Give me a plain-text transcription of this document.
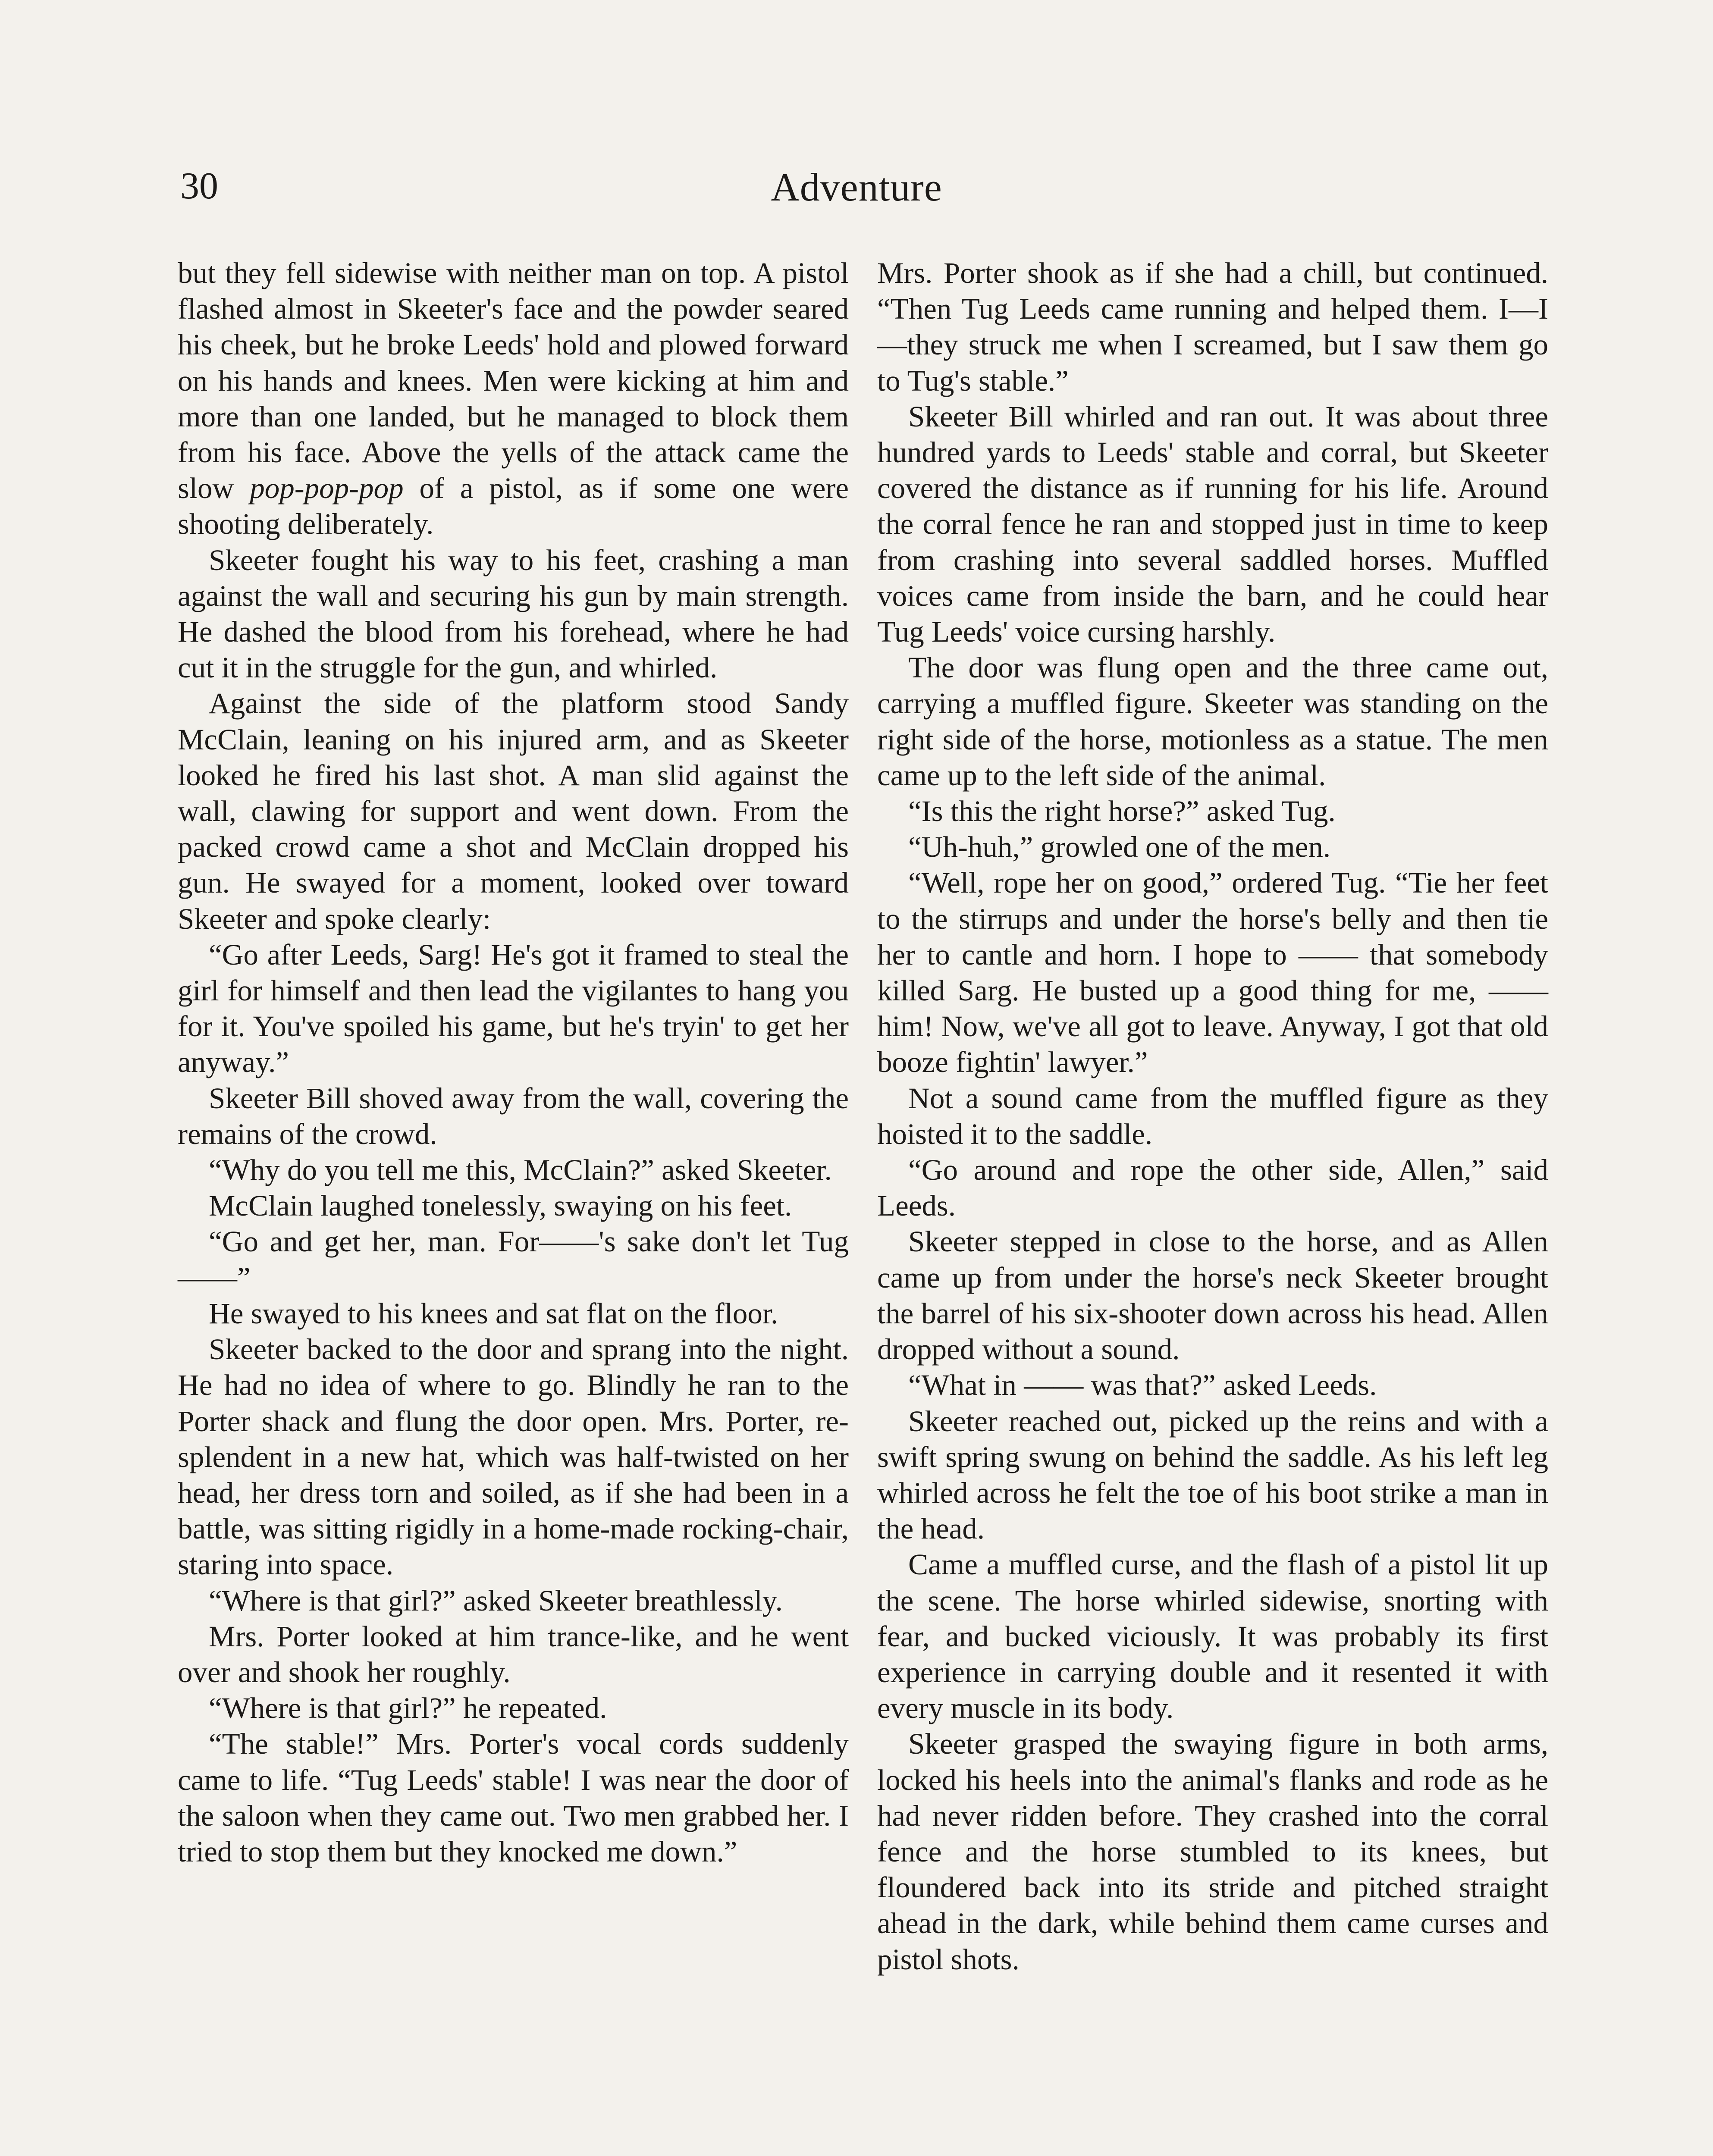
30	Adventure

but they fell sidewise with neither man on top. A pistol flashed almost in Skeeter's face and the powder seared his cheek, but he broke Leeds' hold and plowed forward on his hands and knees. Men were kicking at him and more than one landed, but he managed to block them from his face. Above the yells of the attack came the slow pop-pop-pop of a pistol, as if some one were shooting deliberately.

Skeeter fought his way to his feet, crashing a man against the wall and securing his gun by main strength. He dashed the blood from his forehead, where he had cut it in the struggle for the gun, and whirled.

Against the side of the platform stood Sandy McClain, leaning on his injured arm, and as Skeeter looked he fired his last shot. A man slid against the wall, clawing for support and went down. From the packed crowd came a shot and McClain dropped his gun. He swayed for a moment, looked over toward Skeeter and spoke clearly:

“Go after Leeds, Sarg! He's got it framed to steal the girl for himself and then lead the vigilantes to hang you for it. You've spoiled his game, but he's tryin' to get her anyway.”

Skeeter Bill shoved away from the wall, covering the remains of the crowd.

“Why do you tell me this, McClain?” asked Skeeter.

McClain laughed tonelessly, swaying on his feet.

“Go and get her, man. For——'s sake don't let Tug——”

He swayed to his knees and sat flat on the floor.

Skeeter backed to the door and sprang into the night. He had no idea of where to go. Blindly he ran to the Porter shack and flung the door open. Mrs. Porter, resplendent in a new hat, which was half-twisted on her head, her dress torn and soiled, as if she had been in a battle, was sitting rigidly in a home-made rocking-chair, staring into space.

“Where is that girl?” asked Skeeter breathlessly.

Mrs. Porter looked at him trance-like, and he went over and shook her roughly.

“Where is that girl?” he repeated.

“The stable!” Mrs. Porter's vocal cords suddenly came to life. “Tug Leeds' stable! I was near the door of the saloon when they came out. Two men grabbed her. I tried to stop them but they knocked me down.”

Mrs. Porter shook as if she had a chill, but continued. “Then Tug Leeds came running and helped them. I—I—they struck me when I screamed, but I saw them go to Tug's stable.”

Skeeter Bill whirled and ran out. It was about three hundred yards to Leeds' stable and corral, but Skeeter covered the distance as if running for his life. Around the corral fence he ran and stopped just in time to keep from crashing into several saddled horses. Muffled voices came from inside the barn, and he could hear Tug Leeds' voice cursing harshly.

The door was flung open and the three came out, carrying a muffled figure. Skeeter was standing on the right side of the horse, motionless as a statue. The men came up to the left side of the animal.

“Is this the right horse?” asked Tug.

“Uh-huh,” growled one of the men.

“Well, rope her on good,” ordered Tug. “Tie her feet to the stirrups and under the horse's belly and then tie her to cantle and horn. I hope to —— that somebody killed Sarg. He busted up a good thing for me, —— him! Now, we've all got to leave. Anyway, I got that old booze fightin' lawyer.”

Not a sound came from the muffled figure as they hoisted it to the saddle.

“Go around and rope the other side, Allen,” said Leeds.

Skeeter stepped in close to the horse, and as Allen came up from under the horse's neck Skeeter brought the barrel of his six-shooter down across his head. Allen dropped without a sound.

“What in —— was that?” asked Leeds.

Skeeter reached out, picked up the reins and with a swift spring swung on behind the saddle. As his left leg whirled across he felt the toe of his boot strike a man in the head.

Came a muffled curse, and the flash of a pistol lit up the scene. The horse whirled sidewise, snorting with fear, and bucked viciously. It was probably its first experience in carrying double and it resented it with every muscle in its body.

Skeeter grasped the swaying figure in both arms, locked his heels into the animal's flanks and rode as he had never ridden before. They crashed into the corral fence and the horse stumbled to its knees, but floundered back into its stride and pitched straight ahead in the dark, while behind them came curses and pistol shots.
